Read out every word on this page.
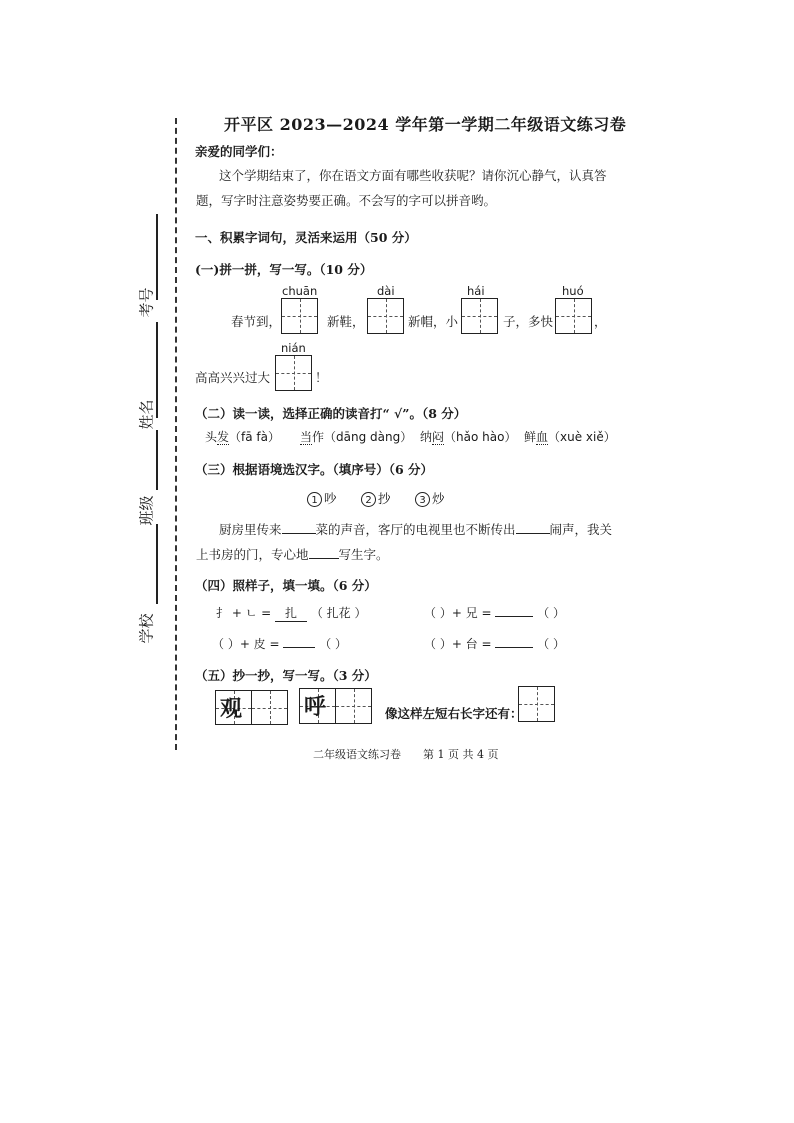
考号
姓名
班级
学校
开平区 2023—2024 学年第一学期二年级语文练习卷
亲爱的同学们：
这个学期结束了，你在语文方面有哪些收获呢？请你沉心静气，认真答
题，写字时注意姿势要正确。不会写的字可以拼音哟。
一、积累字词句，灵活来运用（50 分）
(一)拼一拼，写一写。（10 分）
chuān	dài	hái	huó
春节到，	新鞋，	新帽，小	子，多快	，
nián
高高兴兴过大	！
（二）读一读，选择正确的读音打“ √”。（8 分）
头发（fā fà） 当作（dāng dàng） 纳闷（hǎo hào） 鲜血（xuè xiě）
（三）根据语境选汉字。（填序号）（6 分）
1 吵	2 抄	3 炒
厨房里传来	菜的声音，客厅的电视里也不断传出	闹声，我关
上书房的门，专心地 写生字。
（四）照样子，填一填。（6 分）
扌 + ㄴ = 扎 （ 扎花 ）	（ ）+ 兄 =	（ ）
（ ）+ 皮 =	（ ）	（ ）+ 台 =	（ ）
（五）抄一抄，写一写。（3 分）
观	呼	像这样左短右长字还有：
二年级语文练习卷 第 1 页 共 4 页
